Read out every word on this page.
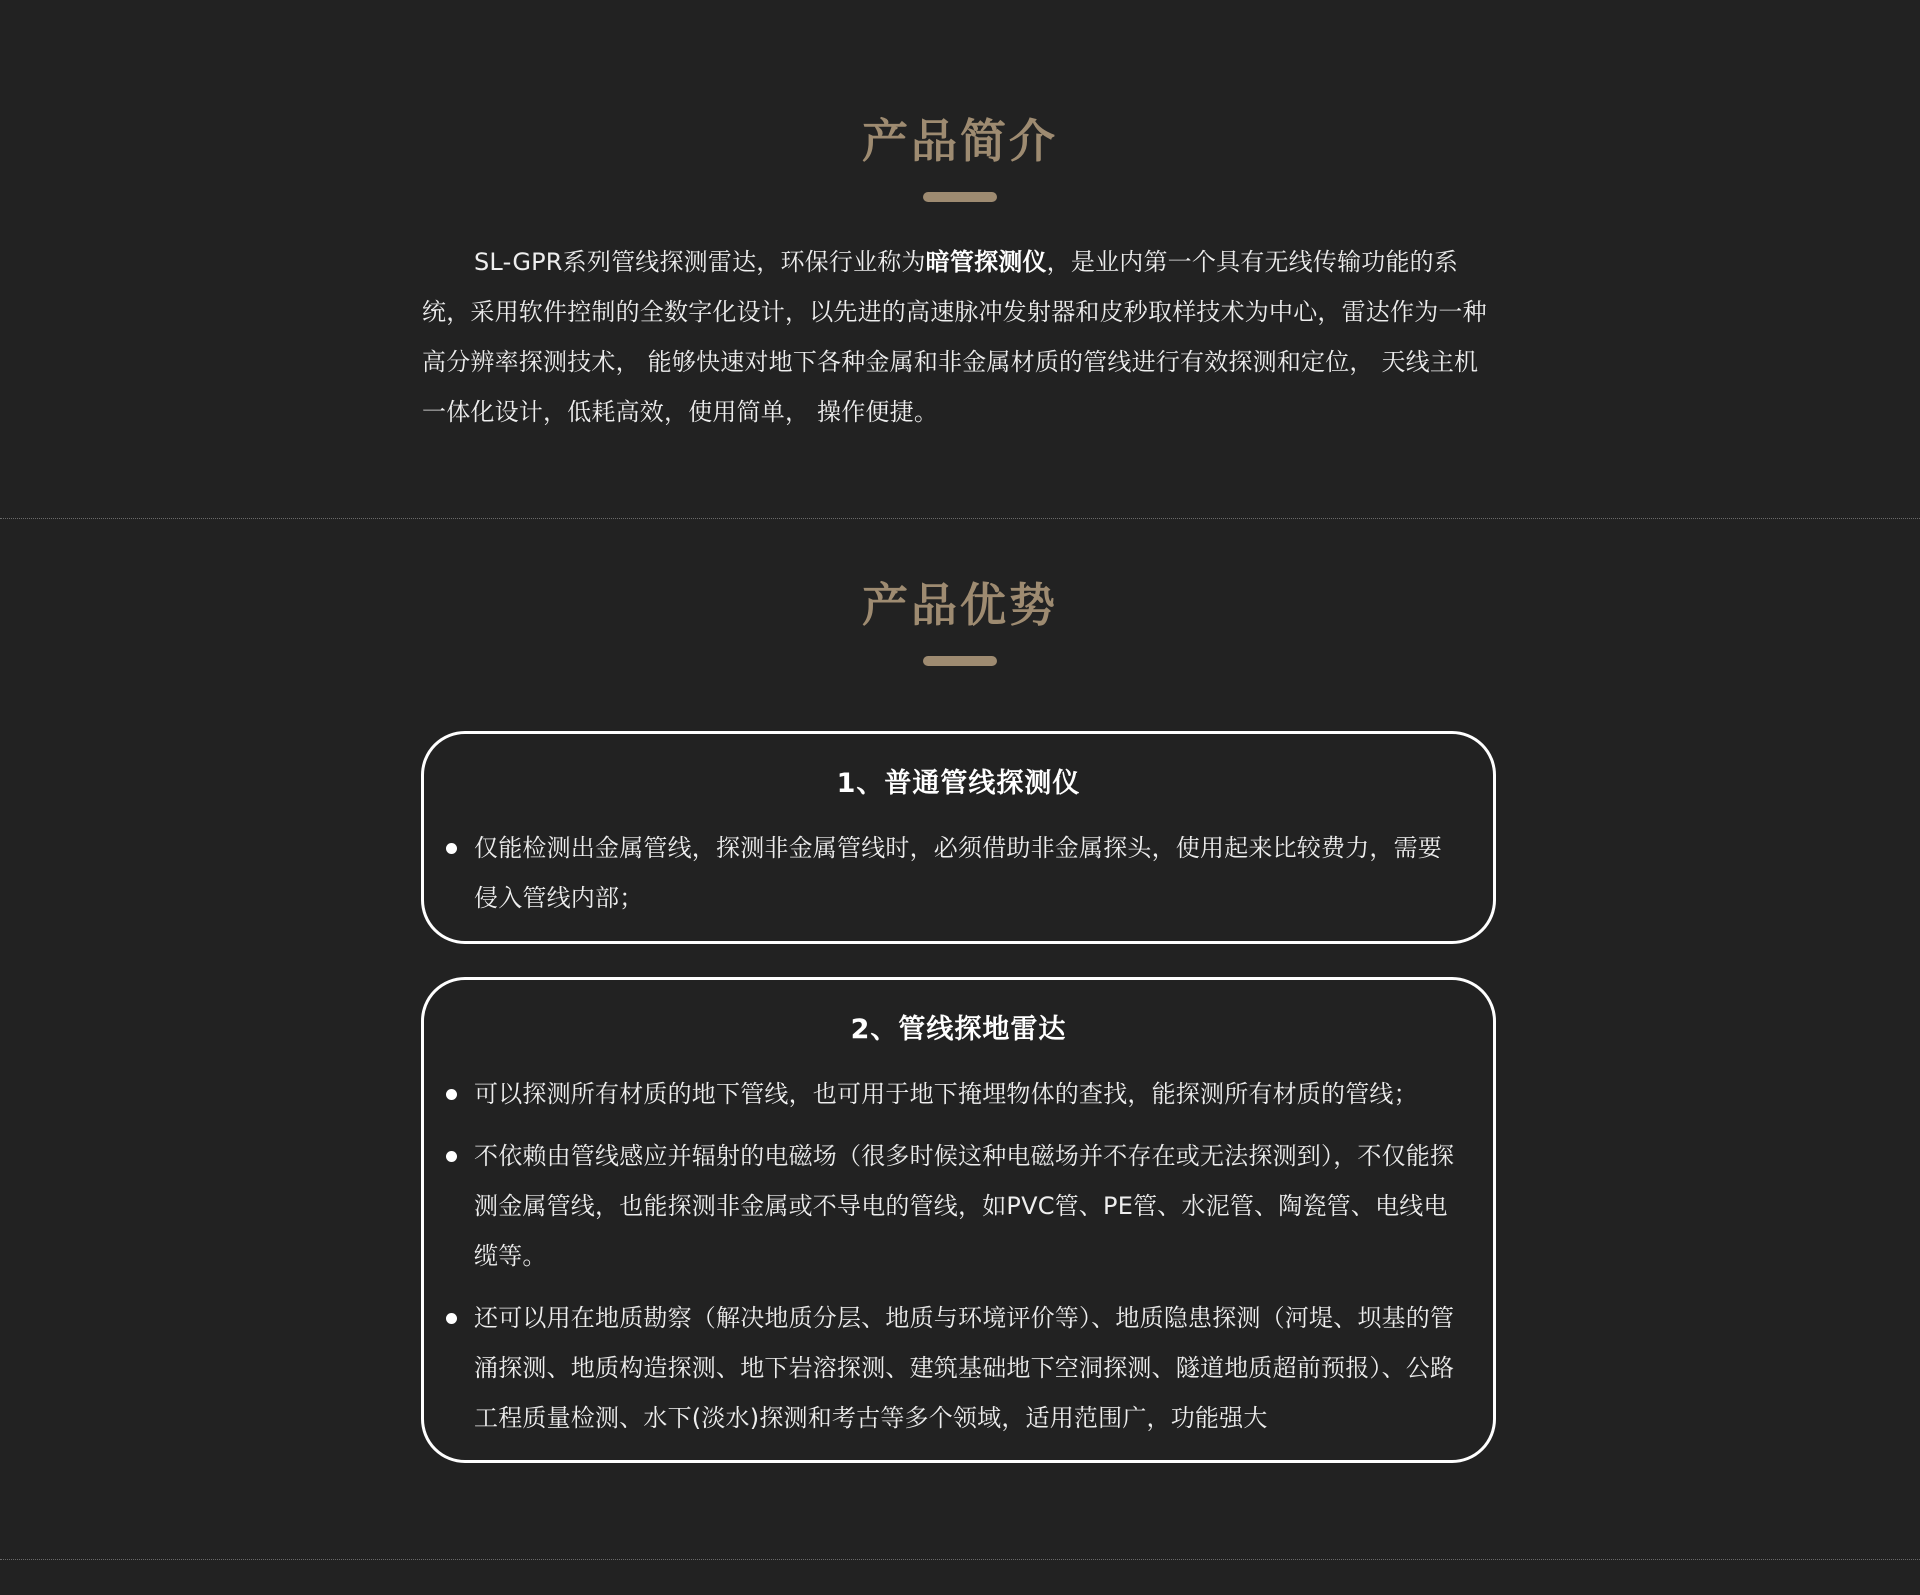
产品简介

SL-GPR系列管线探测雷达，环保行业称为暗管探测仪，是业内第一个具有无线传输功能的系统，采用软件控制的全数字化设计，以先进的高速脉冲发射器和皮秒取样技术为中心，雷达作为一种高分辨率探测技术， 能够快速对地下各种金属和非金属材质的管线进行有效探测和定位， 天线主机一体化设计，低耗高效，使用简单， 操作便捷。

产品优势
1、普通管线探测仪
仅能检测出金属管线，探测非金属管线时，必须借助非金属探头，使用起来比较费力，需要 侵入管线内部；
2、管线探地雷达
可以探测所有材质的地下管线，也可用于地下掩埋物体的查找，能探测所有材质的管线；
不依赖由管线感应并辐射的电磁场（很多时候这种电磁场并不存在或无法探测到），不仅能探测金属管线，也能探测非金属或不导电的管线，如PVC管、PE管、水泥管、陶瓷管、电线电缆等。
还可以用在地质勘察（解决地质分层、地质与环境评价等）、地质隐患探测（河堤、坝基的管涌探测、地质构造探测、地下岩溶探测、建筑基础地下空洞探测、隧道地质超前预报）、公路工程质量检测、水下(淡水)探测和考古等多个领域，适用范围广，功能强大
